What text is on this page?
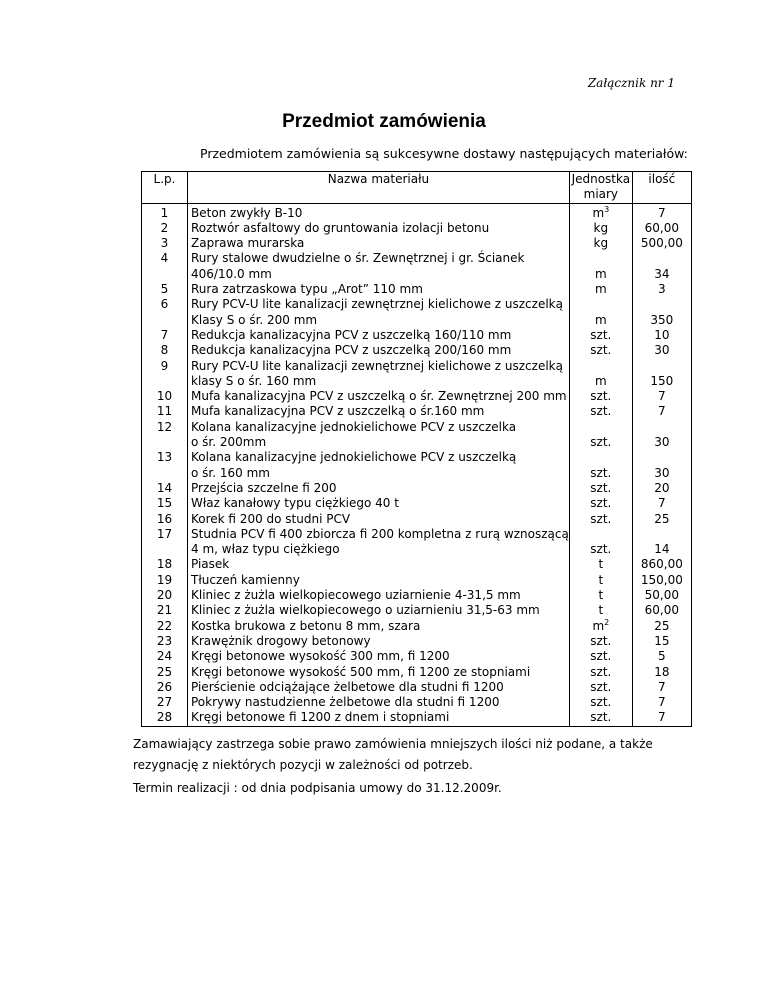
Załącznik nr 1
Przedmiot zamówienia
Przedmiotem zamówienia są sukcesywne dostawy następujących materiałów:
L.p.	Nazwa materiału	Jednostka
miary	ilość
1	Beton zwykły B-10	$m^3$	7
2	Roztwór asfaltowy do gruntowania izolacji betonu	kg	60,00
3	Zaprawa murarska	kg	500,00
4	Rury stalowe dwudzielne o śr. Zewnętrznej i gr. Ścianek
406/10.0 mm	m	34
5	Rura zatrzaskowa typu „Arot” 110 mm	m	3
6	Rury PCV-U lite kanalizacji zewnętrznej kielichowe z uszczelką
Klasy S o śr. 200 mm	m	350
7	Redukcja kanalizacyjna PCV z uszczelką 160/110 mm	szt.	10
8	Redukcja kanalizacyjna PCV z uszczelką 200/160 mm	szt.	30
9	Rury PCV-U lite kanalizacji zewnętrznej kielichowe z uszczelką
klasy S o śr. 160 mm	m	150
10	Mufa kanalizacyjna PCV z uszczelką o śr. Zewnętrznej 200 mm	szt.	7
11	Mufa kanalizacyjna PCV z uszczelką o śr.160 mm	szt.	7
12	Kolana kanalizacyjne jednokielichowe PCV z uszczelka
o śr. 200mm	szt.	30
13	Kolana kanalizacyjne jednokielichowe PCV z uszczelką
o śr. 160 mm	szt.	30
14	Przejścia szczelne fi 200	szt.	20
15	Właz kanałowy typu ciężkiego 40 t	szt.	7
16	Korek fi 200 do studni PCV	szt.	25
17	Studnia PCV fi 400 zbiorcza fi 200 kompletna z rurą wznoszącą
4 m, właz typu ciężkiego	szt.	14
18	Piasek	t	860,00
19	Tłuczeń kamienny	t	150,00
20	Kliniec z żużla wielkopiecowego uziarnienie 4-31,5 mm	t	50,00
21	Kliniec z żużla wielkopiecowego o uziarnieniu 31,5-63 mm	t	60,00
22	Kostka brukowa z betonu 8 mm, szara	$m^2$	25
23	Krawężnik drogowy betonowy	szt.	15
24	Kręgi betonowe wysokość 300 mm, fi 1200	szt.	5
25	Kręgi betonowe wysokość 500 mm, fi 1200 ze stopniami	szt.	18
26	Pierścienie odciążające żelbetowe dla studni fi 1200	szt.	7
27	Pokrywy nastudzienne żelbetowe dla studni fi 1200	szt.	7
28	Kręgi betonowe fi 1200 z dnem i stopniami	szt.	7
Zamawiający zastrzega sobie prawo zamówienia mniejszych ilości niż podane, a także rezygnację z niektórych pozycji w zależności od potrzeb.
Termin realizacji : od dnia podpisania umowy do 31.12.2009r.
